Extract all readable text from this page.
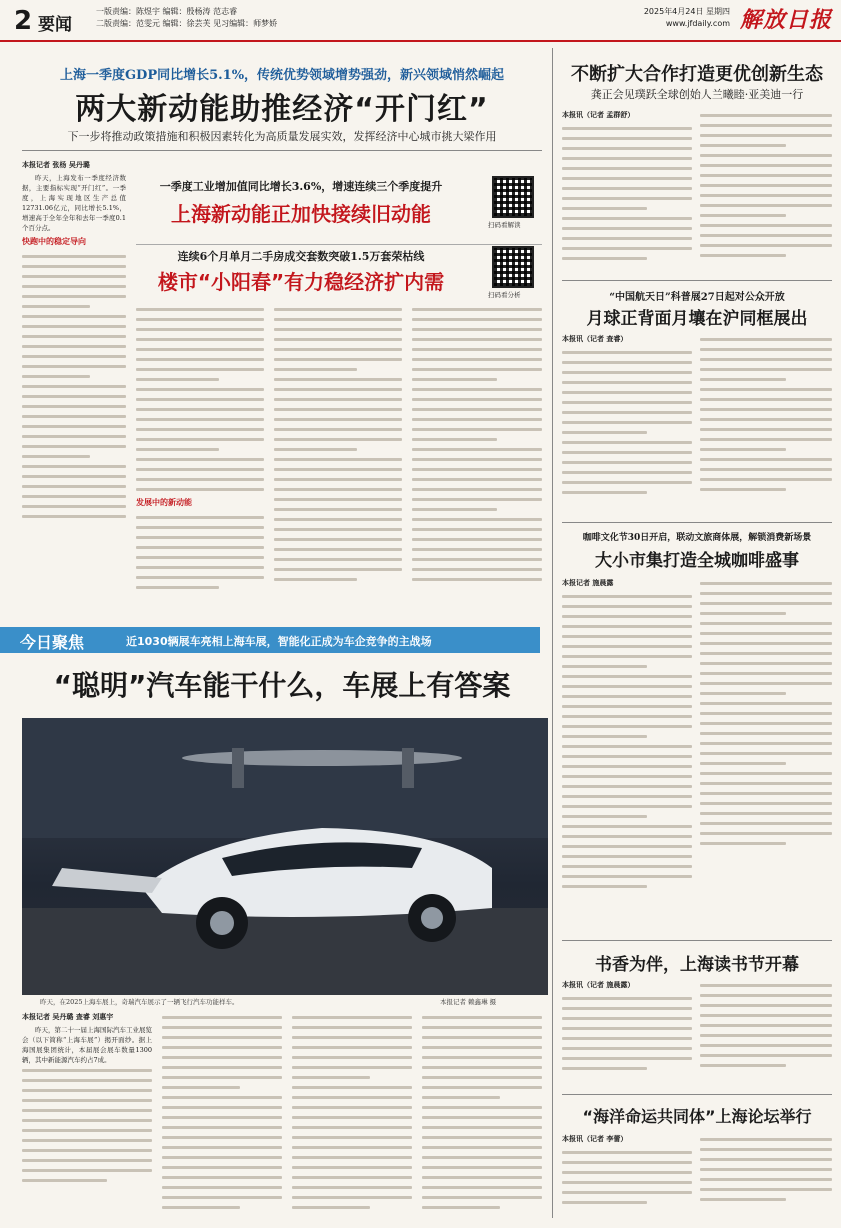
2 要闻
一版责编：陈煜宇 编辑：殷杨涛 范志睿
二版责编：范雯元 编辑：徐芸芙 见习编辑：师梦娇
2025年4月24日 星期四
www.jfdaily.com 解放日报
上海一季度GDP同比增长5.1%，传统优势领域增势强劲，新兴领域悄然崛起
两大新动能助推经济“开门红”
下一步将推动政策措施和积极因素转化为高质量发展实效，发挥经济中心城市挑大梁作用
本报记者 张杨 吴丹璐

昨天，上海发布一季度经济数据，主要指标实现“开门红”。一季度，上海实现地区生产总值12731.06亿元，同比增长5.1%，增速高于全年全年和去年一季度0.1个百分点。

快跑中的稳定导向
一季度工业增加值同比增长3.6%，增速连续三个季度提升
上海新动能正加快接续旧动能	扫码看解读
连续6个月单月二手房成交套数突破1.5万套荣枯线
楼市“小阳春”有力稳经济扩内需
扫码看分析
发展中的新动能
今日聚焦	近1030辆展车亮相上海车展，智能化正成为车企竞争的主战场
“聪明”汽车能干什么，车展上有答案
昨天，在2025上海车展上，奇瑞汽车展示了一辆飞行汽车功能样车。	本报记者 赖鑫琳 摄
本报记者 吴丹璐 查睿 刘惠宇

昨天，第二十一届上海国际汽车工业展览会（以下简称“上海车展”）揭开面纱。据上海国展集团统计，本届展会展车数量1300辆，其中新能源汽车约占7成。

不断扩大合作打造更优创新生态
龚正会见璞跃全球创始人兰曦睦·亚美迪一行
本报讯（记者 孟群舒）
“中国航天日”科普展27日起对公众开放
月球正背面月壤在沪同框展出
本报讯（记者 查睿）
咖啡文化节30日开启，联动文旅商体展，解锁消费新场景
大小市集打造全城咖啡盛事
本报记者 施晨露
书香为伴，上海读书节开幕
本报讯（记者 施晨露）
“海洋命运共同体”上海论坛举行
本报讯（记者 李蕾）
